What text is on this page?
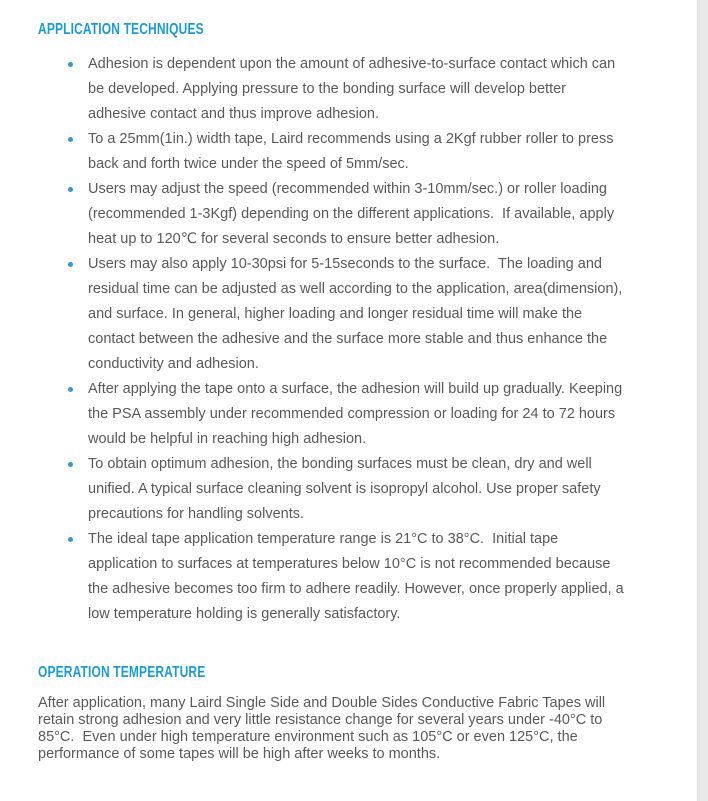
APPLICATION TECHNIQUES
Adhesion is dependent upon the amount of adhesive-to-surface contact which can be developed. Applying pressure to the bonding surface will develop better adhesive contact and thus improve adhesion.
To a 25mm(1in.) width tape, Laird recommends using a 2Kgf rubber roller to press back and forth twice under the speed of 5mm/sec.
Users may adjust the speed (recommended within 3-10mm/sec.) or roller loading (recommended 1-3Kgf) depending on the different applications.  If available, apply heat up to 120℃ for several seconds to ensure better adhesion.
Users may also apply 10-30psi for 5-15seconds to the surface.  The loading and residual time can be adjusted as well according to the application, area(dimension), and surface. In general, higher loading and longer residual time will make the contact between the adhesive and the surface more stable and thus enhance the conductivity and adhesion.
After applying the tape onto a surface, the adhesion will build up gradually. Keeping the PSA assembly under recommended compression or loading for 24 to 72 hours would be helpful in reaching high adhesion.
To obtain optimum adhesion, the bonding surfaces must be clean, dry and well unified. A typical surface cleaning solvent is isopropyl alcohol. Use proper safety precautions for handling solvents.
The ideal tape application temperature range is 21°C to 38°C.  Initial tape application to surfaces at temperatures below 10°C is not recommended because the adhesive becomes too firm to adhere readily. However, once properly applied, a low temperature holding is generally satisfactory.
OPERATION TEMPERATURE

After application, many Laird Single Side and Double Sides Conductive Fabric Tapes will retain strong adhesion and very little resistance change for several years under -40°C to 85°C.  Even under high temperature environment such as 105°C or even 125°C, the performance of some tapes will be high after weeks to months.
